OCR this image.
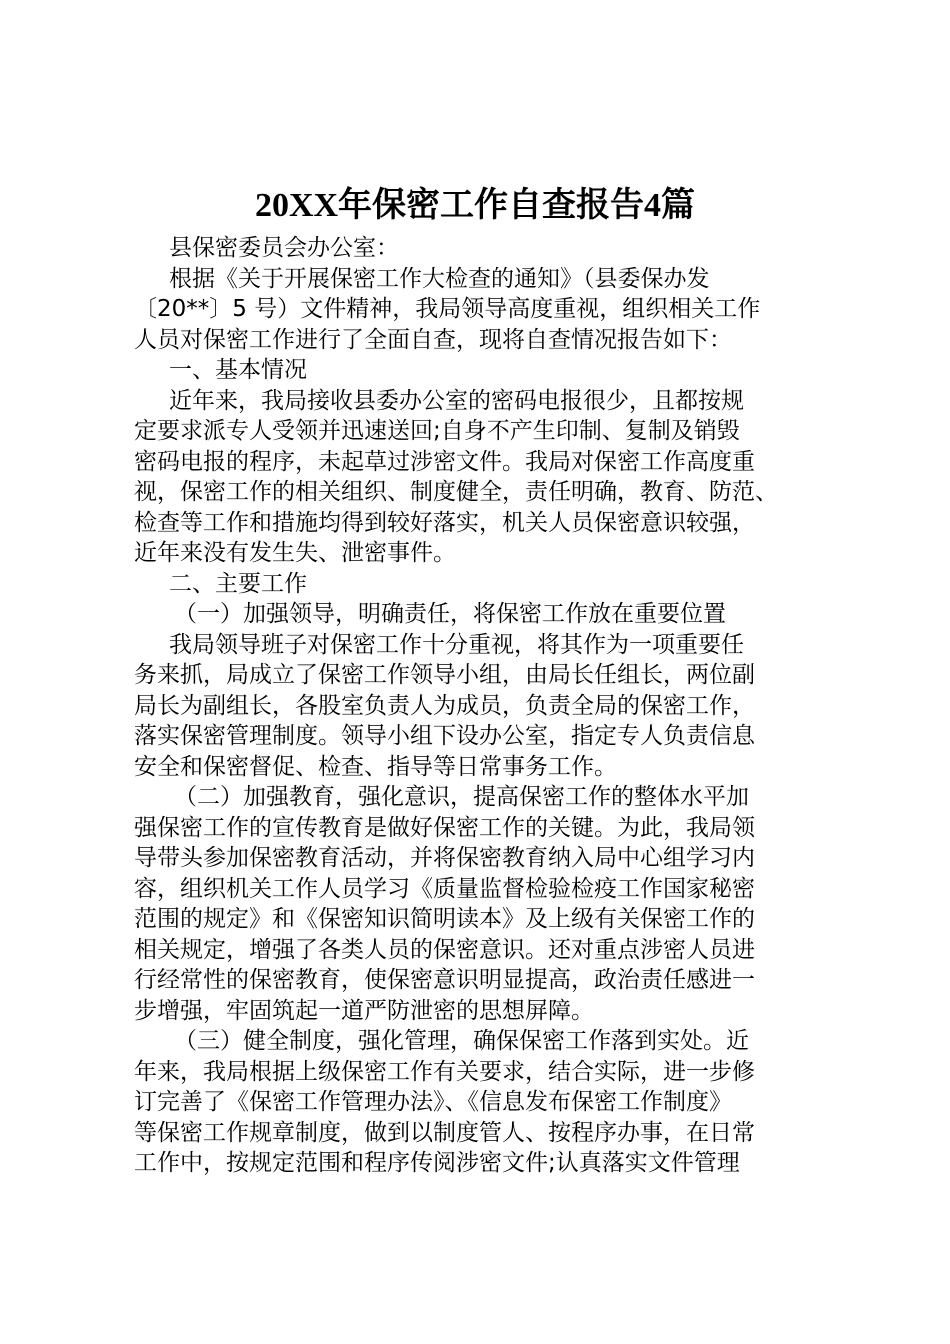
20XX年保密工作自查报告4篇
县保密委员会办公室：
根据《关于开展保密工作大检查的通知》（县委保办发
〔20**〕5 号）文件精神，我局领导高度重视，组织相关工作
人员对保密工作进行了全面自查，现将自查情况报告如下：
一、基本情况
近年来，我局接收县委办公室的密码电报很少，且都按规
定要求派专人受领并迅速送回;自身不产生印制、复制及销毁
密码电报的程序，未起草过涉密文件。我局对保密工作高度重
视，保密工作的相关组织、制度健全，责任明确，教育、防范、
检查等工作和措施均得到较好落实，机关人员保密意识较强，
近年来没有发生失、泄密事件。
二、主要工作
（一）加强领导，明确责任，将保密工作放在重要位置
我局领导班子对保密工作十分重视，将其作为一项重要任
务来抓，局成立了保密工作领导小组，由局长任组长，两位副
局长为副组长，各股室负责人为成员，负责全局的保密工作，
落实保密管理制度。领导小组下设办公室，指定专人负责信息
安全和保密督促、检查、指导等日常事务工作。
（二）加强教育，强化意识，提高保密工作的整体水平加
强保密工作的宣传教育是做好保密工作的关键。为此，我局领
导带头参加保密教育活动，并将保密教育纳入局中心组学习内
容，组织机关工作人员学习《质量监督检验检疫工作国家秘密
范围的规定》和《保密知识简明读本》及上级有关保密工作的
相关规定，增强了各类人员的保密意识。还对重点涉密人员进
行经常性的保密教育，使保密意识明显提高，政治责任感进一
步增强，牢固筑起一道严防泄密的思想屏障。
（三）健全制度，强化管理，确保保密工作落到实处。近
年来，我局根据上级保密工作有关要求，结合实际，进一步修
订完善了《保密工作管理办法》、《信息发布保密工作制度》
等保密工作规章制度，做到以制度管人、按程序办事，在日常
工作中，按规定范围和程序传阅涉密文件;认真落实文件管理
